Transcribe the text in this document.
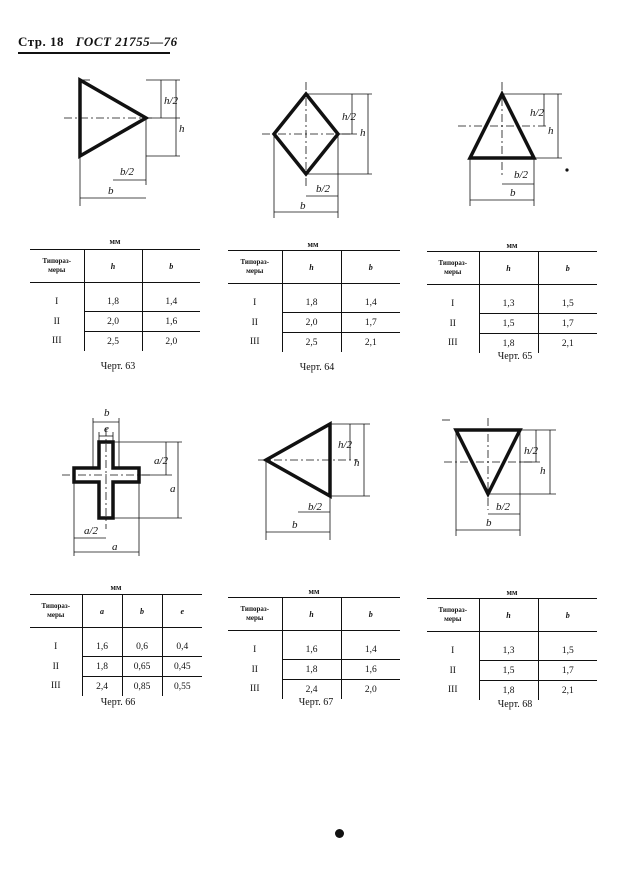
Стр. 18 ГОСТ 21755—76
h/2
h
b/2
b
мм
Типораз-
меры	h	b
I	1,8	1,4
II	2,0	1,6
III	2,5	2,0
Черт. 63
h/2
h
b/2
b
мм
Типораз-
меры	h	b
I	1,8	1,4
II	2,0	1,7
III	2,5	2,1
Черт. 64
h/2
h
b/2
b
мм
Типораз-
меры	h	b
I	1,3	1,5
II	1,5	1,7
III	1,8	2,1
Черт. 65
b
e
a/2
a
a/2
a
мм
Типораз-
меры	a	b	e
I	1,6	0,6	0,4
II	1,8	0,65	0,45
III	2,4	0,85	0,55
Черт. 66
h/2
h
b/2
b
мм
Типораз-
меры	h	b
I	1,6	1,4
II	1,8	1,6
III	2,4	2,0
Черт. 67
h/2
h
b/2
b
мм
Типораз-
меры	h	b
I	1,3	1,5
II	1,5	1,7
III	1,8	2,1
Черт. 68
